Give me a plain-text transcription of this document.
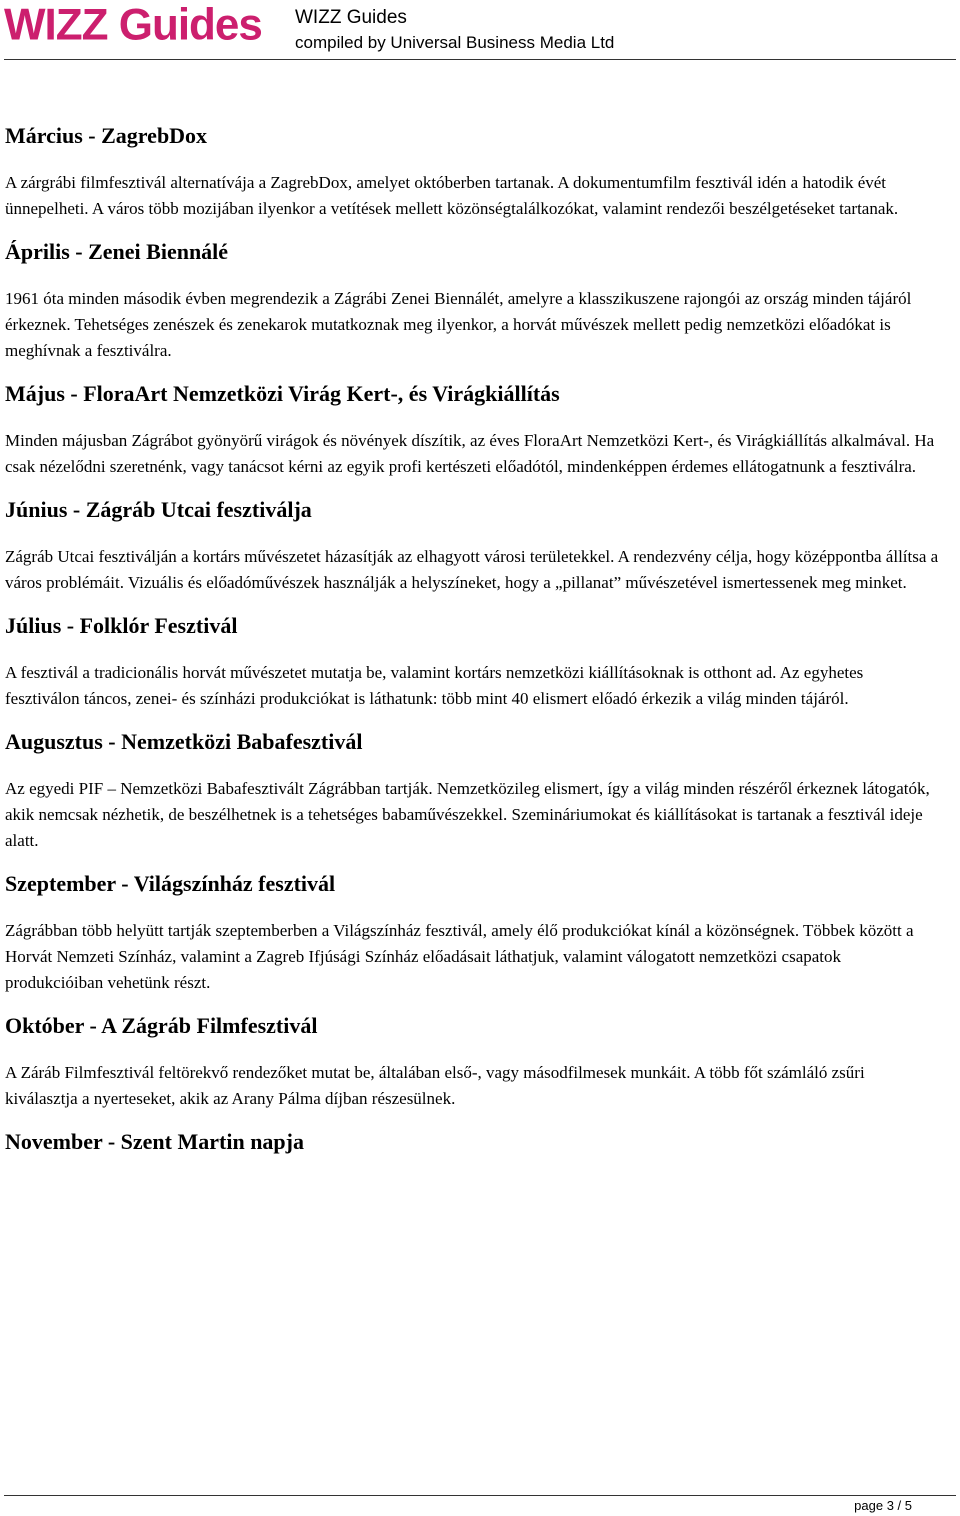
WIZZ Guides WIZZ Guides
compiled by Universal Business Media Ltd
Március - ZagrebDox

A zárgrábi filmfesztivál alternatívája a ZagrebDox, amelyet októberben tartanak. A dokumentumfilm fesztivál idén a hatodik évét ünnepelheti. A város több mozijában ilyenkor a vetítések mellett közönségtalálkozókat, valamint rendezői beszélgetéseket tartanak.

Április - Zenei Biennálé

1961 óta minden második évben megrendezik a Zágrábi Zenei Biennálét, amelyre a klasszikuszene rajongói az ország minden tájáról érkeznek. Tehetséges zenészek és zenekarok mutatkoznak meg ilyenkor, a horvát művészek mellett pedig nemzetközi előadókat is meghívnak a fesztiválra.

Május - FloraArt Nemzetközi Virág Kert-, és Virágkiállítás

Minden májusban Zágrábot gyönyörű virágok és növények díszítik, az éves FloraArt Nemzetközi Kert-, és Virágkiállítás alkalmával. Ha csak nézelődni szeretnénk, vagy tanácsot kérni az egyik profi kertészeti előadótól, mindenképpen érdemes ellátogatnunk a fesztiválra.

Június - Zágráb Utcai fesztiválja

Zágráb Utcai fesztiválján a kortárs művészetet házasítják az elhagyott városi területekkel. A rendezvény célja, hogy középpontba állítsa a város problémáit. Vizuális és előadóművészek használják a helyszíneket, hogy a „pillanat” művészetével ismertessenek meg minket.

Július - Folklór Fesztivál

A fesztivál a tradicionális horvát művészetet mutatja be, valamint kortárs nemzetközi kiállításoknak is otthont ad. Az egyhetes fesztiválon táncos, zenei- és színházi produkciókat is láthatunk: több mint 40 elismert előadó érkezik a világ minden tájáról.

Augusztus - Nemzetközi Babafesztivál

Az egyedi PIF – Nemzetközi Babafesztivált Zágrábban tartják. Nemzetközileg elismert, így a világ minden részéről érkeznek látogatók, akik nemcsak nézhetik, de beszélhetnek is a tehetséges babaművészekkel. Szemináriumokat és kiállításokat is tartanak a fesztivál ideje alatt.

Szeptember - Világszínház fesztivál

Zágrábban több helyütt tartják szeptemberben a Világszínház fesztivál, amely élő produkciókat kínál a közönségnek. Többek között a Horvát Nemzeti Színház, valamint a Zagreb Ifjúsági Színház előadásait láthatjuk, valamint válogatott nemzetközi csapatok produkcióiban vehetünk részt.

Október - A Zágráb Filmfesztivál

A Záráb Filmfesztivál feltörekvő rendezőket mutat be, általában első-, vagy másodfilmesek munkáit. A több főt számláló zsűri kiválasztja a nyerteseket, akik az Arany Pálma díjban részesülnek.

November - Szent Martin napja
page 3 / 5
